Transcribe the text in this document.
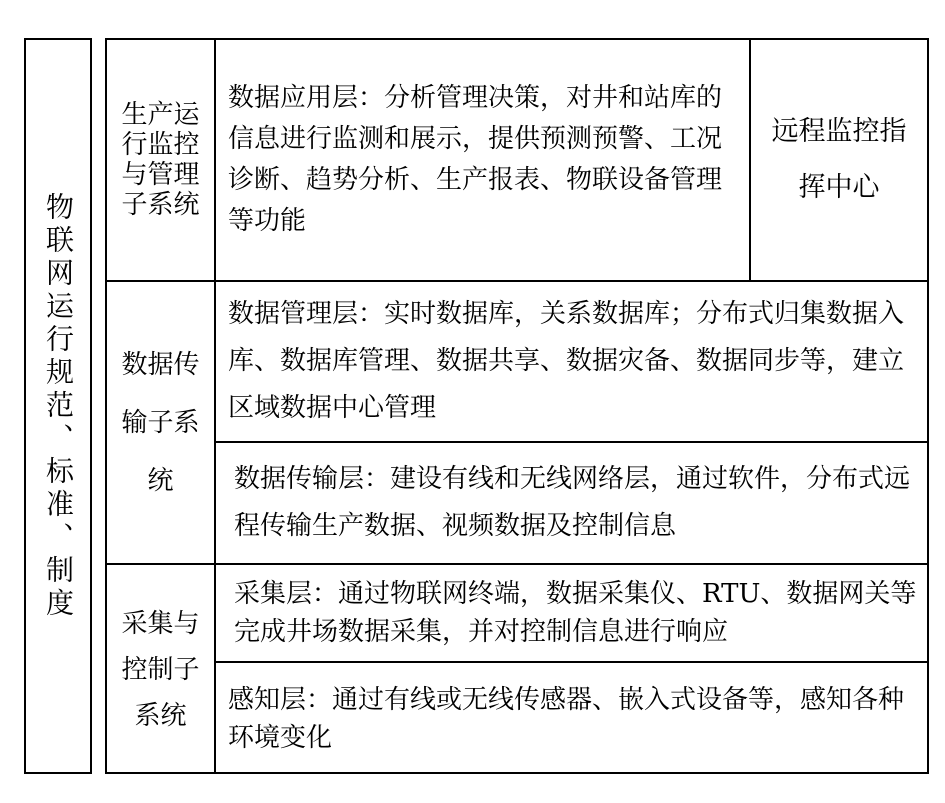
物联网运行规范、标准、制度
生产运行监控与管理子系统
数据应用层：分析管理决策，对井和站库的信息进行监测和展示，提供预测预警、工况诊断、趋势分析、生产报表、物联设备管理等功能
远程监控指挥中心
数据传输子系统
数据管理层：实时数据库，关系数据库；分布式归集数据入库、数据库管理、数据共享、数据灾备、数据同步等，建立区域数据中心管理
数据传输层：建设有线和无线网络层，通过软件，分布式远程传输生产数据、视频数据及控制信息
采集与控制子系统
采集层：通过物联网终端，数据采集仪、RTU、数据网关等完成井场数据采集，并对控制信息进行响应
感知层：通过有线或无线传感器、嵌入式设备等，感知各种环境变化
